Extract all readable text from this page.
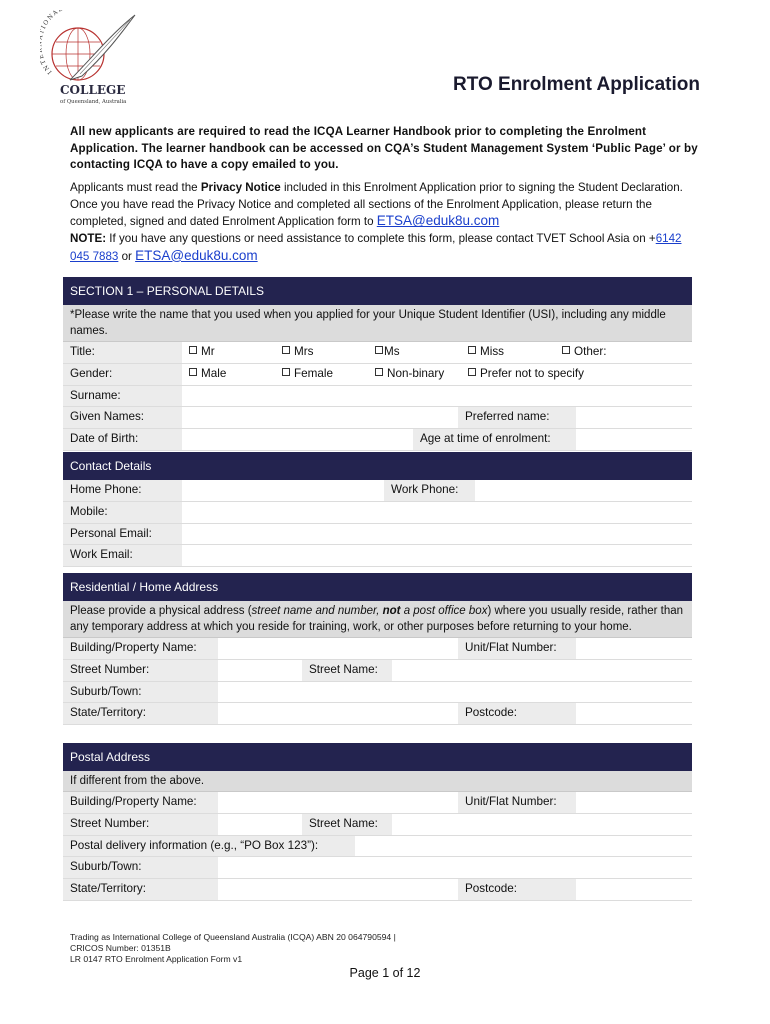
IN IONA
COLLEGE
of Queensland, Australia
RTO Enrolment Application
All new applicants are required to read the ICQA Learner Handbook prior to completing the Enrolment Application. The learner handbook can be accessed on CQA’s Student Management System ‘Public Page’ or by contacting ICQA to have a copy emailed to you.
Applicants must read the Privacy Notice included in this Enrolment Application prior to signing the Student Declaration. Once you have read the Privacy Notice and completed all sections of the Enrolment Application, please return the completed, signed and dated Enrolment Application form to ETSA@eduk8u.com
NOTE: If you have any questions or need assistance to complete this form, please contact TVET School Asia on +6142 045 7883 or ETSA@eduk8u.com
SECTION 1 – PERSONAL DETAILS
*Please write the name that you used when you applied for your Unique Student Identifier (USI), including any middle names.
Title:	Mr	Mrs	Ms	Miss	Other:
Gender:	Male	Female	Non-binary	Prefer not to specify
Surname:
Given Names:	Preferred name:
Date of Birth:	Age at time of enrolment:
Contact Details
Home Phone:	Work Phone:
Mobile:
Personal Email:
Work Email:
Residential / Home Address
Please provide a physical address (street name and number, not a post office box) where you usually reside, rather than any temporary address at which you reside for training, work, or other purposes before returning to your home.
Building/Property Name:	Unit/Flat Number:
Street Number:	Street Name:
Suburb/Town:
State/Territory:	Postcode:
Postal Address
If different from the above.
Building/Property Name:	Unit/Flat Number:
Street Number:	Street Name:
Postal delivery information (e.g., “PO Box 123”):
Suburb/Town:
State/Territory:	Postcode:
Trading as International College of Queensland Australia (ICQA) ABN 20 064790594 |
CRICOS Number: 01351B
LR 0147 RTO Enrolment Application Form v1
Page 1 of 12
